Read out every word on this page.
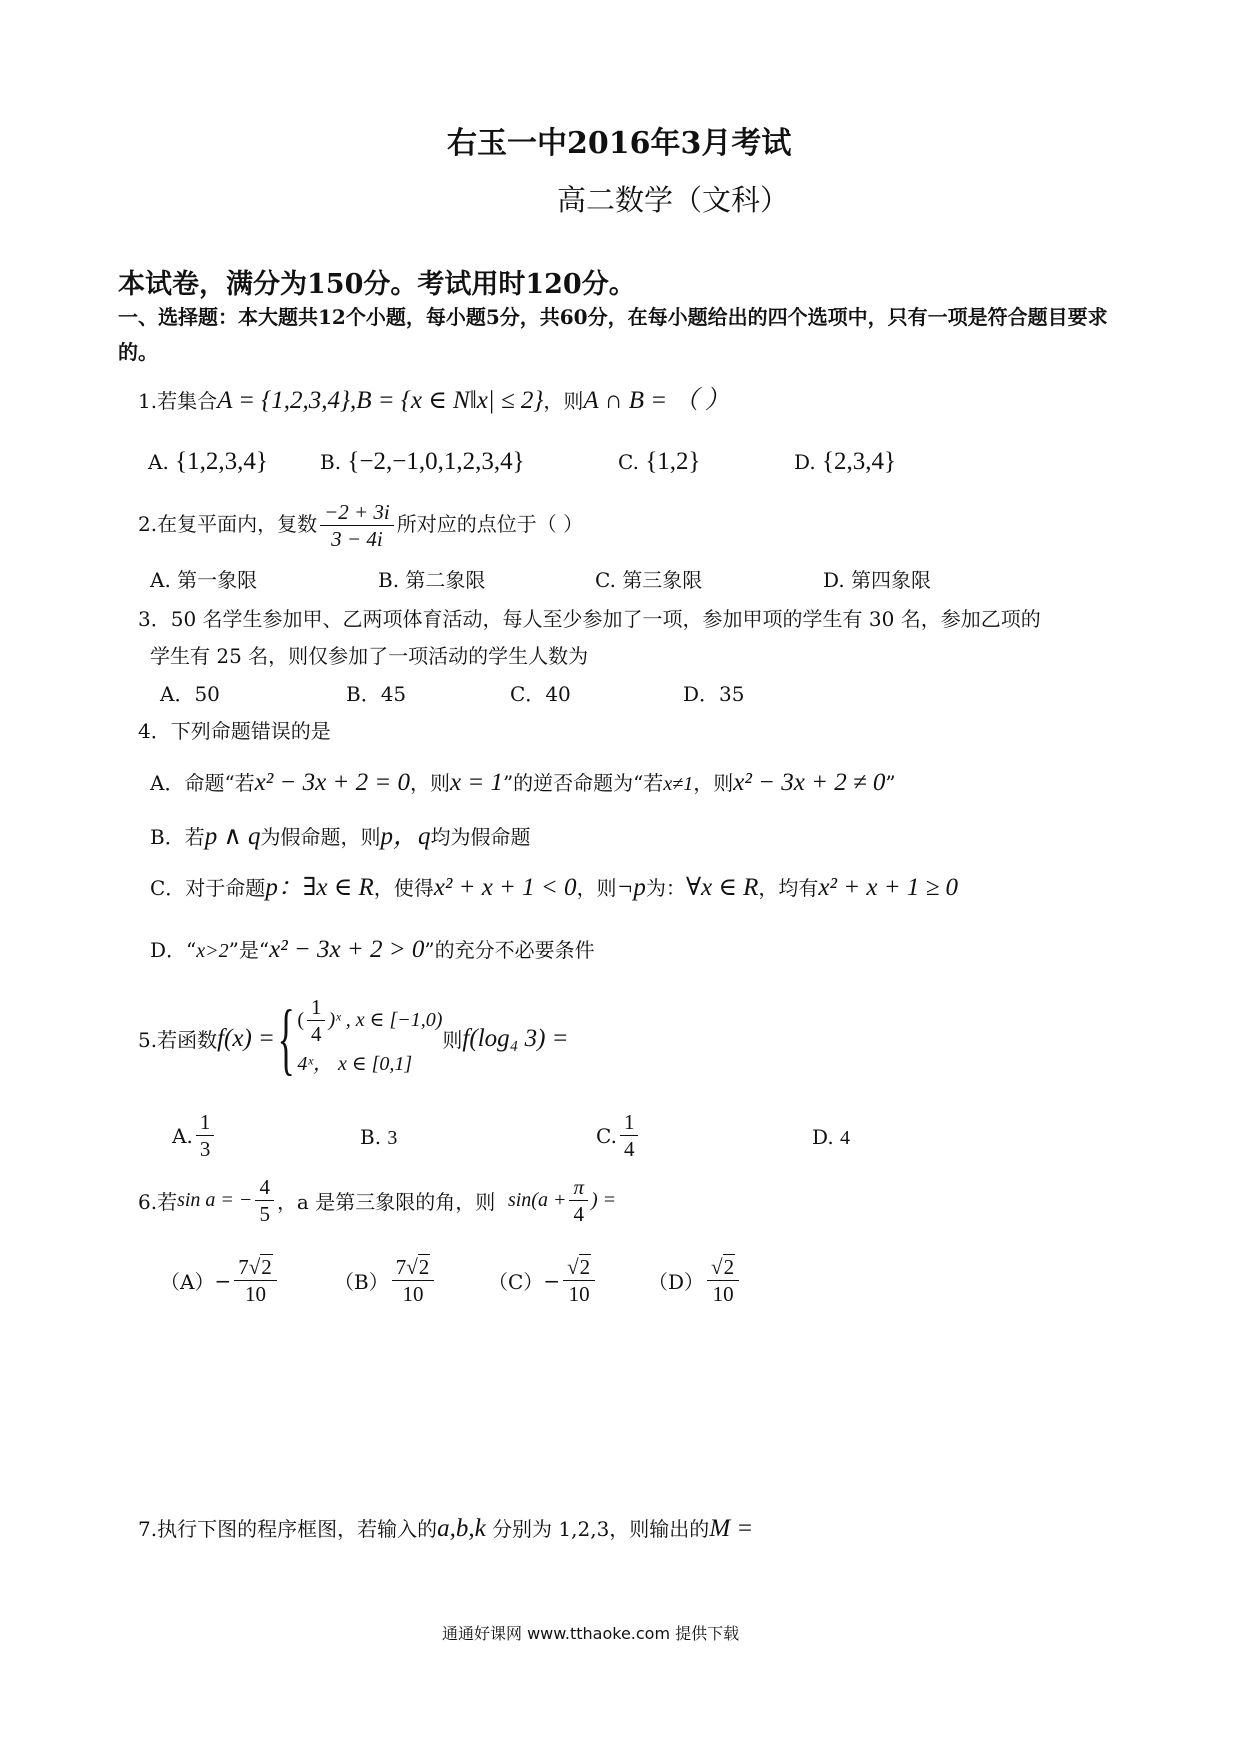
右玉一中2016年3月考试
高二数学（文科）
本试卷，满分为150分。考试用时120分。
一、选择题：本大题共12个小题，每小题5分，共60分，在每小题给出的四个选项中，只有一项是符合题目要求的。
1.若集合A = {1,2,3,4},B = {x ∈ N‖x| ≤ 2}，则A ∩ B = （ ）
A. {1,2,3,4}	B. {−2,−1,0,1,2,3,4}	C. {1,2}	D. {2,3,4}
2.在复平面内，复数 $\frac{-2 + 3i}{3 - 4i}$ 所对应的点位于（ ）
A. 第一象限	B. 第二象限	C. 第三象限	D. 第四象限
3．50 名学生参加甲、乙两项体育活动，每人至少参加了一项，参加甲项的学生有 30 名，参加乙项的
学生有 25 名，则仅参加了一项活动的学生人数为
A．50	B．45	C．40	D．35
4．下列命题错误的是
A．命题“若x² − 3x + 2 = 0，则x = 1”的逆否命题为“若x≠1，则x² − 3x + 2 ≠ 0”
B．若p ∧ q为假命题，则p，q均为假命题
C．对于命题p：∃x ∈ R，使得x² + x + 1 < 0，则¬p为：∀x ∈ R，均有x² + x + 1 ≥ 0
D．“x>2”是“x² − 3x + 2 > 0”的充分不必要条件
5.若函数 f(x) = { ( $\frac{1}{4}$ )ˣ , x ∈ [−1,0)
4ˣ， x ∈ [0,1]
则 f(log₄ 3) =
A. $\frac{1}{3}$	B. 3	C. $\frac{1}{4}$	D. 4
6.若 sin a = − $\frac{4}{5}$ ，a 是第三象限的角，则
$\sin(a + \frac{\pi}{4}$ ) =
$(A) - \frac{7√2}{10}$	$(B) \frac{7√2}{10}$	$(C) - \frac{√2}{10}$	$(D) \frac{√2}{10}$
7.执行下图的程序框图，若输入的a,b,k 分别为 1,2,3，则输出的M =
通通好课网 www.tthaoke.com 提供下载
